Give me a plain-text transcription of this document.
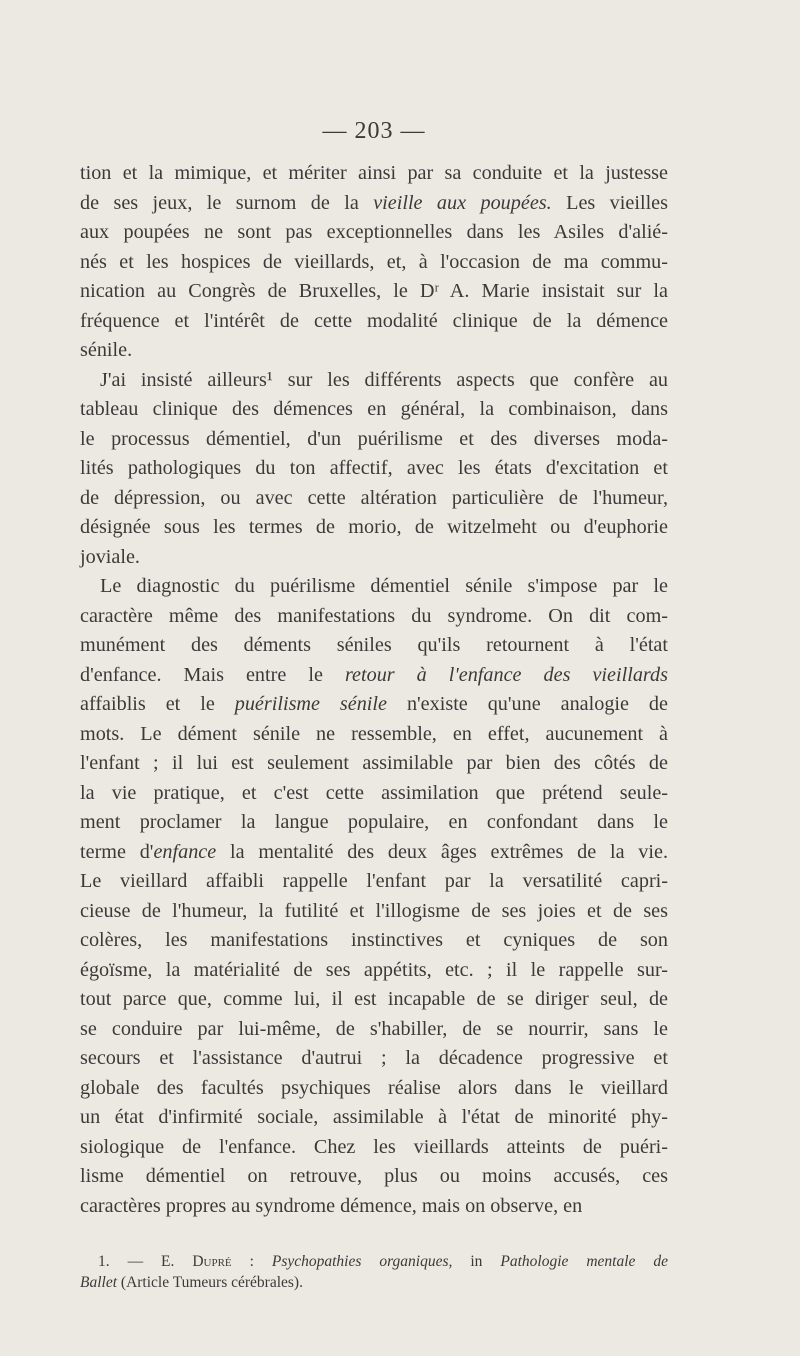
— 203 —
tion et la mimique, et mériter ainsi par sa conduite et la justesse
de ses jeux, le surnom de la vieille aux poupées. Les vieilles
aux poupées ne sont pas exceptionnelles dans les Asiles d'alié-
nés et les hospices de vieillards, et, à l'occasion de ma commu-
nication au Congrès de Bruxelles, le Dʳ A. Marie insistait sur la
fréquence et l'intérêt de cette modalité clinique de la démence
sénile.
J'ai insisté ailleurs¹ sur les différents aspects que confère au
tableau clinique des démences en général, la combinaison, dans
le processus démentiel, d'un puérilisme et des diverses moda-
lités pathologiques du ton affectif, avec les états d'excitation et
de dépression, ou avec cette altération particulière de l'humeur,
désignée sous les termes de morio, de witzelmeht ou d'euphorie
joviale.
Le diagnostic du puérilisme démentiel sénile s'impose par le
caractère même des manifestations du syndrome. On dit com-
munément des déments séniles qu'ils retournent à l'état
d'enfance. Mais entre le retour à l'enfance des vieillards
affaiblis et le puérilisme sénile n'existe qu'une analogie de
mots. Le dément sénile ne ressemble, en effet, aucunement à
l'enfant ; il lui est seulement assimilable par bien des côtés de
la vie pratique, et c'est cette assimilation que prétend seule-
ment proclamer la langue populaire, en confondant dans le
terme d'enfance la mentalité des deux âges extrêmes de la vie.
Le vieillard affaibli rappelle l'enfant par la versatilité capri-
cieuse de l'humeur, la futilité et l'illogisme de ses joies et de ses
colères, les manifestations instinctives et cyniques de son
égoïsme, la matérialité de ses appétits, etc. ; il le rappelle sur-
tout parce que, comme lui, il est incapable de se diriger seul, de
se conduire par lui-même, de s'habiller, de se nourrir, sans le
secours et l'assistance d'autrui ; la décadence progressive et
globale des facultés psychiques réalise alors dans le vieillard
un état d'infirmité sociale, assimilable à l'état de minorité phy-
siologique de l'enfance. Chez les vieillards atteints de puéri-
lisme démentiel on retrouve, plus ou moins accusés, ces
caractères propres au syndrome démence, mais on observe, en
1. — E. Dupré : Psychopathies organiques, in Pathologie mentale de
Ballet (Article Tumeurs cérébrales).
